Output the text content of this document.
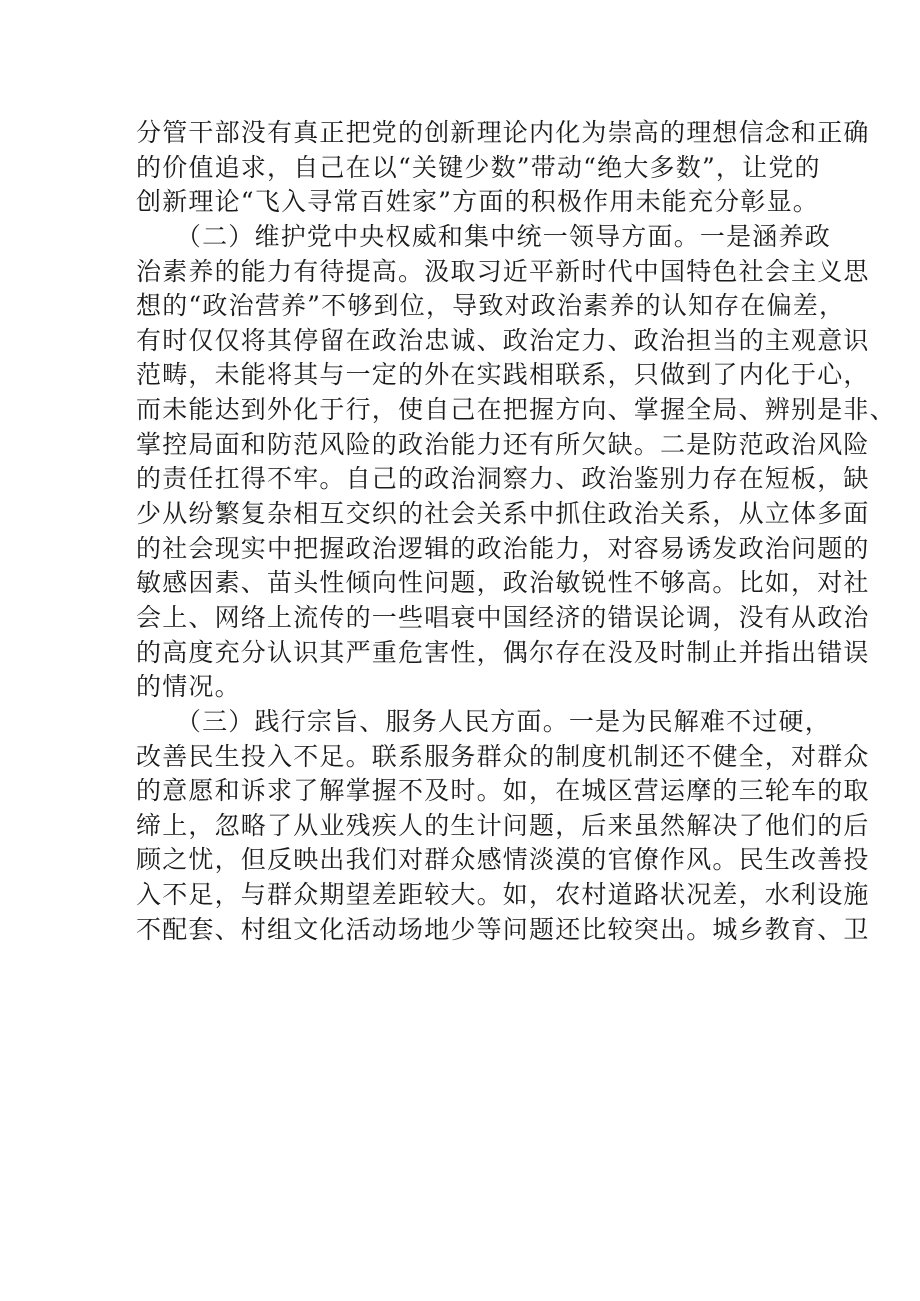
分管干部没有真正把党的创新理论内化为崇高的理想信念和正确
的价值追求，自己在以“关键少数”带动“绝大多数”，让党的
创新理论“飞入寻常百姓家”方面的积极作用未能充分彰显。
　　（二）维护党中央权威和集中统一领导方面。一是涵养政
治素养的能力有待提高。汲取习近平新时代中国特色社会主义思
想的“政治营养”不够到位，导致对政治素养的认知存在偏差，
有时仅仅将其停留在政治忠诚、政治定力、政治担当的主观意识
范畴，未能将其与一定的外在实践相联系，只做到了内化于心，
而未能达到外化于行，使自己在把握方向、掌握全局、辨别是非、
掌控局面和防范风险的政治能力还有所欠缺。二是防范政治风险
的责任扛得不牢。自己的政治洞察力、政治鉴别力存在短板，缺
少从纷繁复杂相互交织的社会关系中抓住政治关系，从立体多面
的社会现实中把握政治逻辑的政治能力，对容易诱发政治问题的
敏感因素、苗头性倾向性问题，政治敏锐性不够高。比如，对社
会上、网络上流传的一些唱衰中国经济的错误论调，没有从政治
的高度充分认识其严重危害性，偶尔存在没及时制止并指出错误
的情况。
　　（三）践行宗旨、服务人民方面。一是为民解难不过硬，
改善民生投入不足。联系服务群众的制度机制还不健全，对群众
的意愿和诉求了解掌握不及时。如，在城区营运摩的三轮车的取
缔上，忽略了从业残疾人的生计问题，后来虽然解决了他们的后
顾之忧，但反映出我们对群众感情淡漠的官僚作风。民生改善投
入不足，与群众期望差距较大。如，农村道路状况差，水利设施
不配套、村组文化活动场地少等问题还比较突出。城乡教育、卫
